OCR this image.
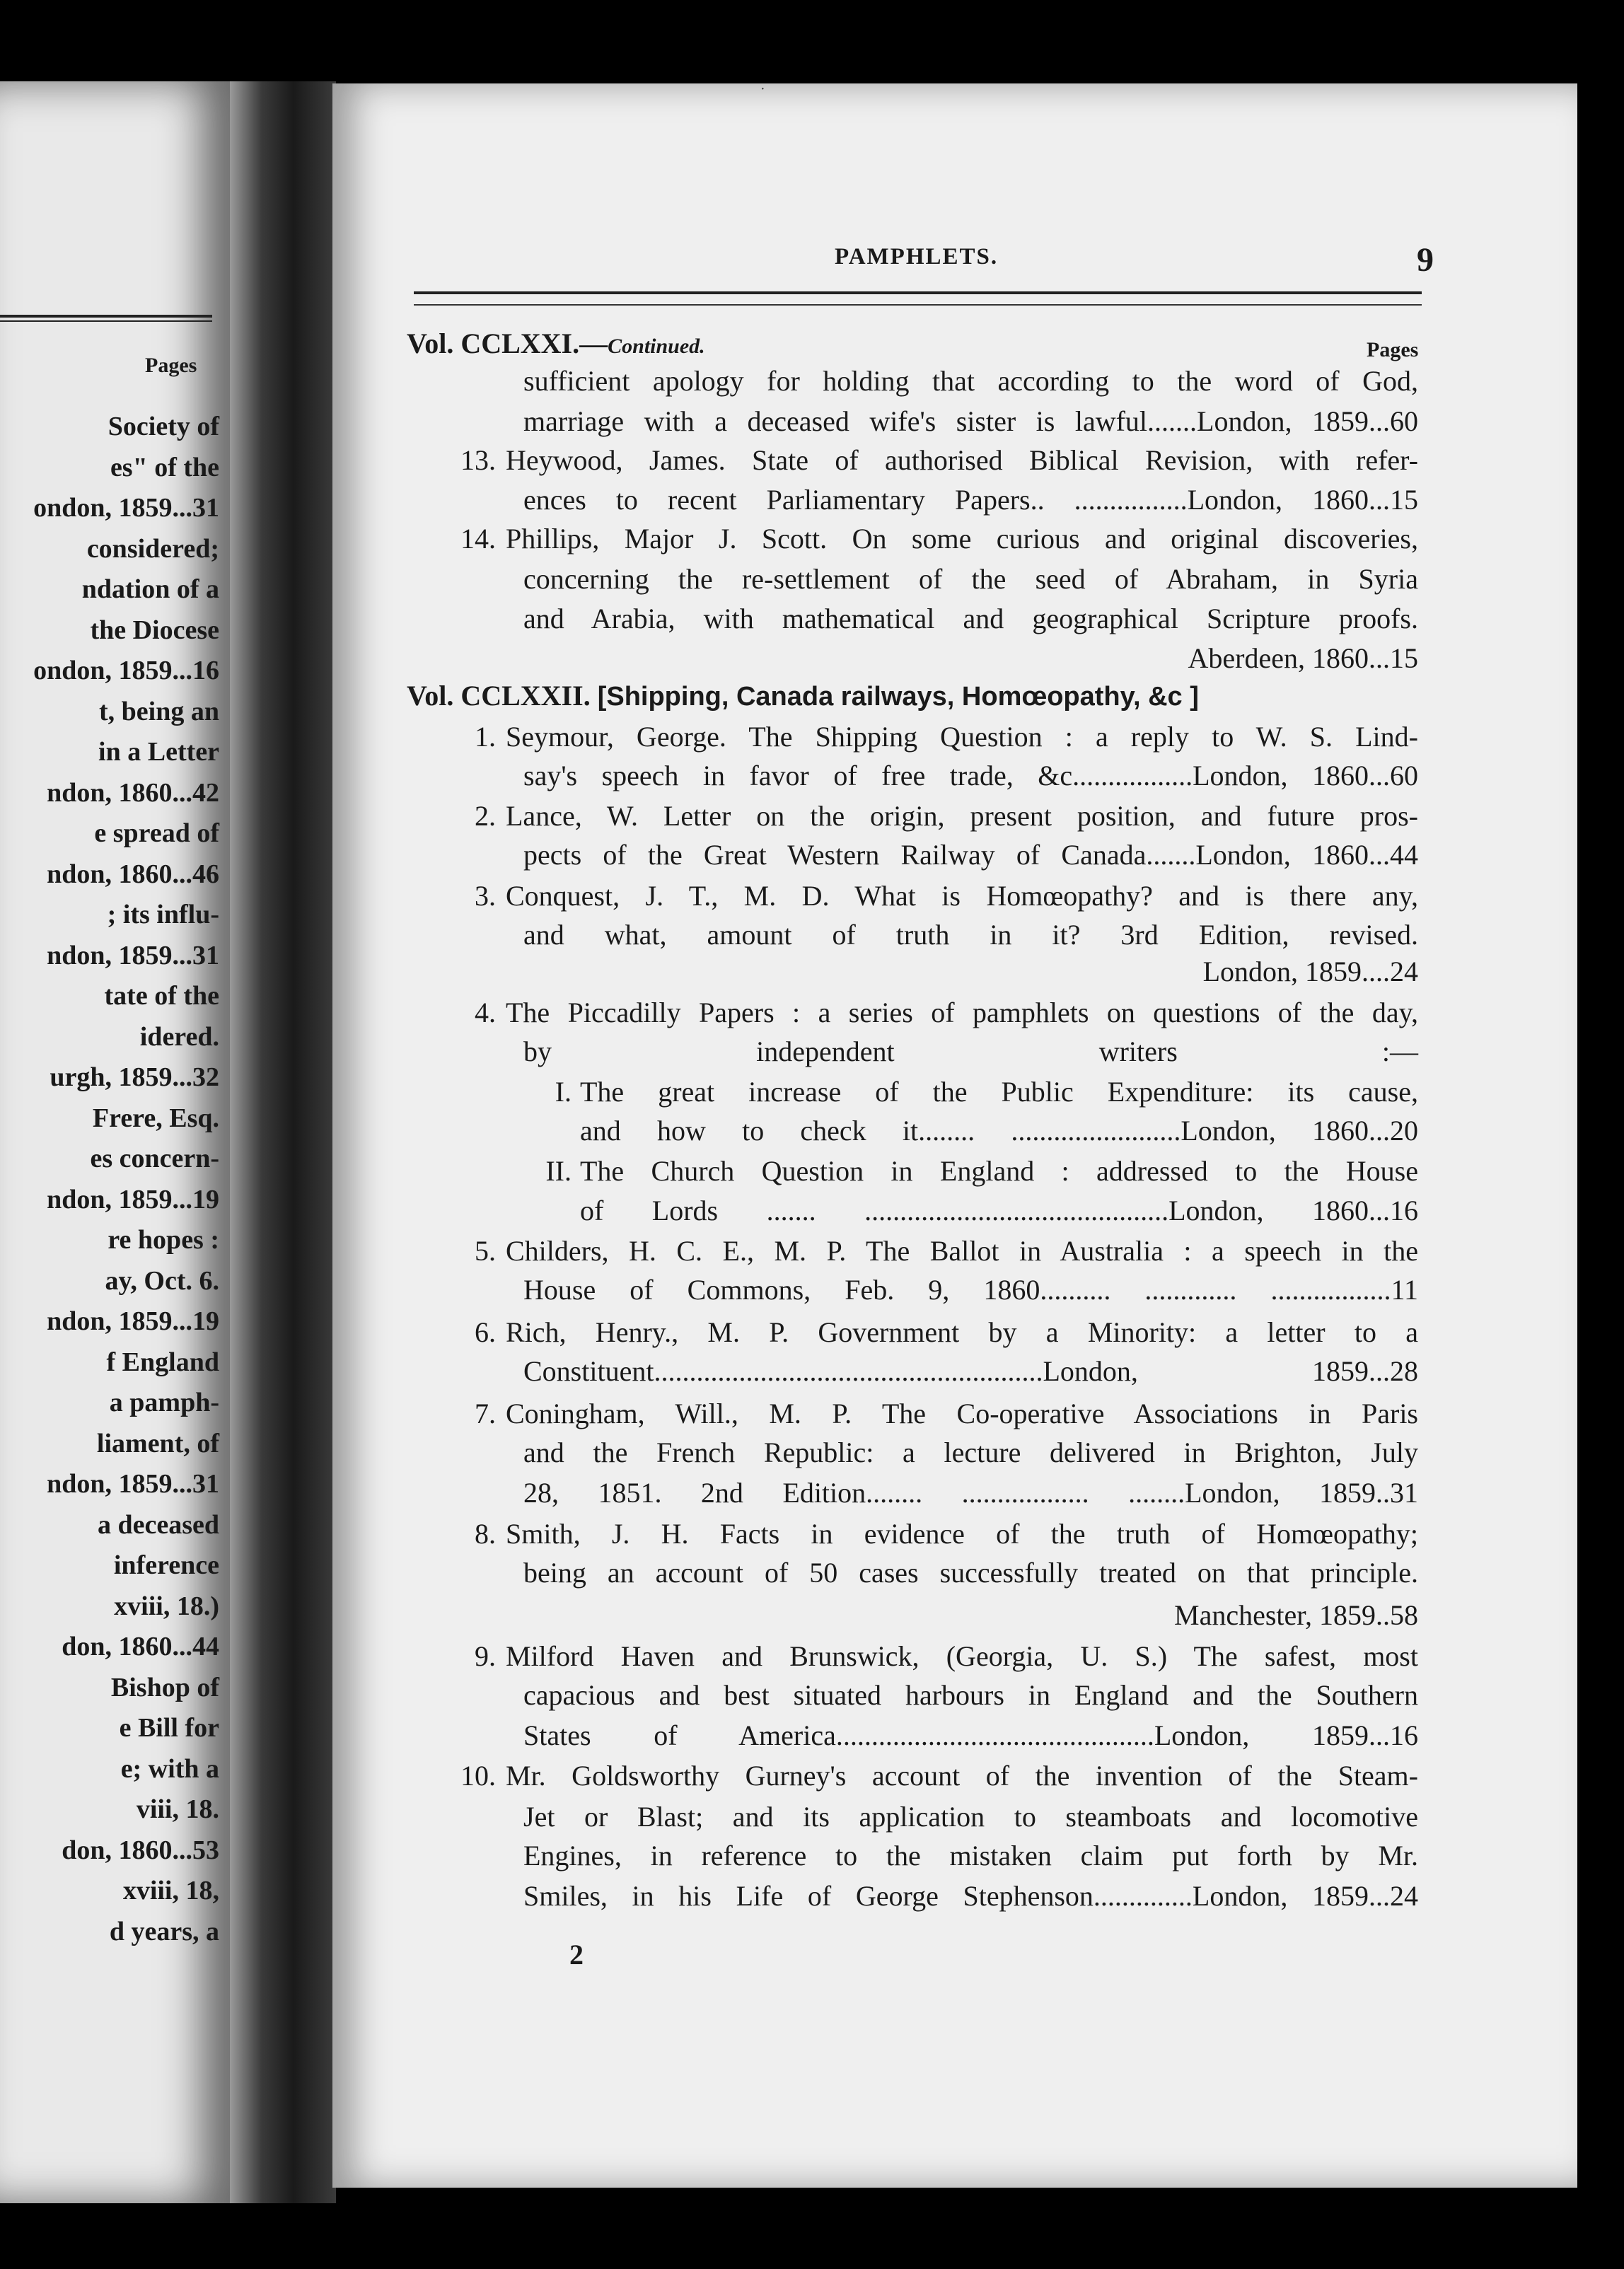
Pages
Society of
es" of the
ondon, 1859...31
considered;
ndation of a
the Diocese
ondon, 1859...16
t, being an
in a Letter
ndon, 1860...42
e spread of
ndon, 1860...46
; its influ-
ndon, 1859...31
tate of the
idered.
urgh, 1859...32
Frere, Esq.
es concern-
ndon, 1859...19
re hopes :
ay, Oct. 6.
ndon, 1859...19
f England
a pamph-
liament, of
ndon, 1859...31
a deceased
inference
xviii, 18.)
don, 1860...44
Bishop of
e Bill for
e; with a
viii, 18.
don, 1860...53
xviii, 18,
d years, a
·
PAMPHLETS.	9
Pages
Vol. CCLXXI.—Continued.
sufficient apology for holding that according to the word of God,
marriage with a deceased wife's sister is lawful.......London, 1859...60
13. Heywood, James. State of authorised Biblical Revision, with refer-
ences to recent Parliamentary Papers.. ................London, 1860...15
14. Phillips, Major J. Scott. On some curious and original discoveries,
concerning the re-settlement of the seed of Abraham, in Syria
and Arabia, with mathematical and geographical Scripture proofs.
Aberdeen, 1860...15
Vol. CCLXXII. [Shipping, Canada railways, Homœopathy, &c ]
1. Seymour, George. The Shipping Question : a reply to W. S. Lind-
say's speech in favor of free trade, &c.................London, 1860...60
2. Lance, W. Letter on the origin, present position, and future pros-
pects of the Great Western Railway of Canada.......London, 1860...44
3. Conquest, J. T., M. D. What is Homœopathy? and is there any,
and what, amount of truth in it? 3rd Edition, revised.
London, 1859....24
4. The Piccadilly Papers : a series of pamphlets on questions of the day,
by independent writers :—
I. The great increase of the Public Expenditure: its cause,
and how to check it........ ........................London, 1860...20
II. The Church Question in England : addressed to the House
of Lords ....... ...........................................London, 1860...16
5. Childers, H. C. E., M. P. The Ballot in Australia : a speech in the
House of Commons, Feb. 9, 1860.......... ............. .................11
6. Rich, Henry., M. P. Government by a Minority: a letter to a
Constituent.......................................................London, 1859...28
7. Coningham, Will., M. P. The Co-operative Associations in Paris
and the French Republic: a lecture delivered in Brighton, July
28, 1851. 2nd Edition........ .................. ........London, 1859..31
8. Smith, J. H. Facts in evidence of the truth of Homœopathy;
being an account of 50 cases successfully treated on that principle.
Manchester, 1859..58
9. Milford Haven and Brunswick, (Georgia, U. S.) The safest, most
capacious and best situated harbours in England and the Southern
States of America.............................................London, 1859...16
10. Mr. Goldsworthy Gurney's account of the invention of the Steam-
Jet or Blast; and its application to steamboats and locomotive
Engines, in reference to the mistaken claim put forth by Mr.
Smiles, in his Life of George Stephenson..............London, 1859...24
2
